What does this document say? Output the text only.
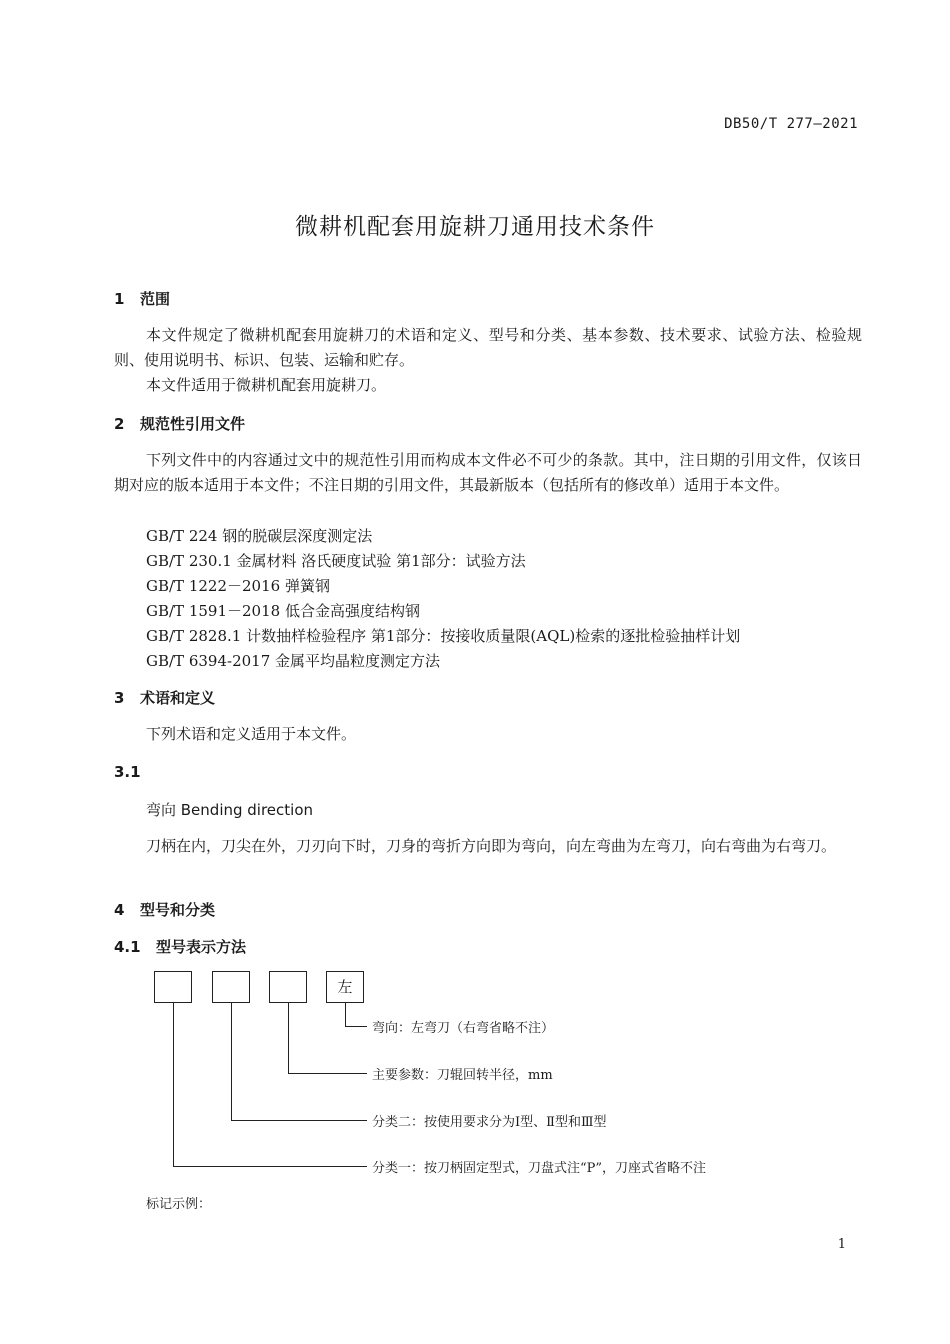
DB50/T 277—2021
微耕机配套用旋耕刀通用技术条件
1 范围
本文件规定了微耕机配套用旋耕刀的术语和定义、型号和分类、基本参数、技术要求、试验方法、检验规则、使用说明书、标识、包装、运输和贮存。
本文件适用于微耕机配套用旋耕刀。
2 规范性引用文件
下列文件中的内容通过文中的规范性引用而构成本文件必不可少的条款。其中，注日期的引用文件，仅该日期对应的版本适用于本文件；不注日期的引用文件，其最新版本（包括所有的修改单）适用于本文件。
GB/T 224 钢的脱碳层深度测定法
GB/T 230.1 金属材料 洛氏硬度试验 第1部分：试验方法
GB/T 1222－2016 弹簧钢
GB/T 1591－2018 低合金高强度结构钢
GB/T 2828.1 计数抽样检验程序 第1部分：按接收质量限(AQL)检索的逐批检验抽样计划
GB/T 6394-2017 金属平均晶粒度测定方法
3 术语和定义
下列术语和定义适用于本文件。
3.1
弯向 Bending direction
刀柄在内，刀尖在外，刀刃向下时，刀身的弯折方向即为弯向，向左弯曲为左弯刀，向右弯曲为右弯刀。
4 型号和分类
4.1 型号表示方法
左
弯向：左弯刀（右弯省略不注）
主要参数：刀辊回转半径，mm
分类二：按使用要求分为Ⅰ型、Ⅱ型和Ⅲ型
分类一：按刀柄固定型式，刀盘式注“P”，刀座式省略不注
标记示例：
1
